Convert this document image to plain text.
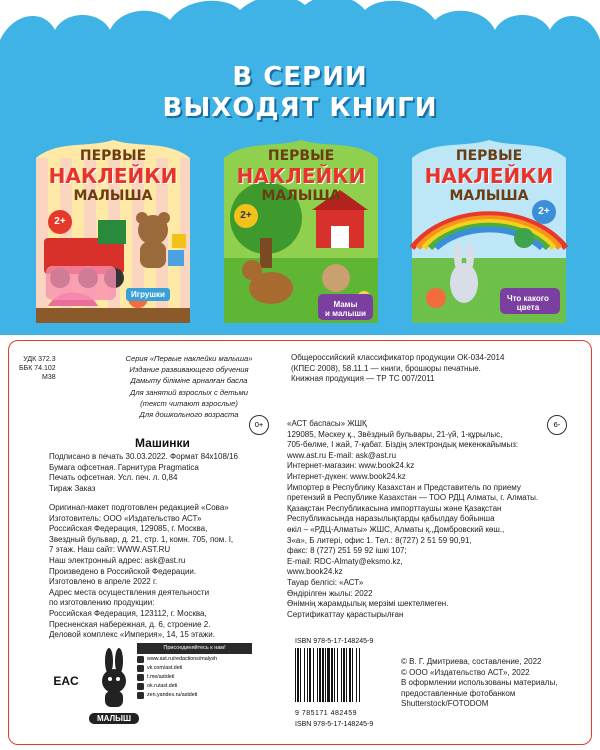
В СЕРИИ
ВЫХОДЯТ КНИГИ
ПЕРВЫЕ
НАКЛЕЙКИ
МАЛЫША
2+
Игрушки
ПЕРВЫЕ
НАКЛЕЙКИ
МАЛЫША
2+
Мамы
и малыши
ПЕРВЫЕ
НАКЛЕЙКИ
МАЛЫША
2+
Что какого
цвета
УДК 372.3
ББК 74.102
М38
Серия «Первые наклейки малыша»
Издание развивающего обучения
Дамыту біліміне арналған басла
Для занятий взрослых с детьми
(текст читают взрослые)
Для дошкольного возраста
Общероссийский классификатор продукции ОК-034-2014
(КПЕС 2008), 58.11.1 — книги, брошюры печатные.
Книжная продукция — ТР ТС 007/2011
0+	6-
Машинки
Подписано в печать 30.03.2022. Формат 84х108/16
Бумага офсетная. Гарнитура Pragmatica
Печать офсетная. Усл. печ. л. 0,84
Тираж Заказ
Оригинал-макет подготовлен редакцией «Сова»
Изготовитель: ООО «Издательство АСТ»
Российская Федерация, 129085, г. Москва,
Звездный бульвар, д. 21, стр. 1, комн. 705, пом. I,
7 этаж. Наш сайт: WWW.AST.RU
Наш электронный адрес: ask@ast.ru
Произведено в Российской Федерации.
Изготовлено в апреле 2022 г.
Адрес места осуществления деятельности
по изготовлению продукции:
Российская Федерация, 123112, г. Москва,
Пресненская набережная, д. 6, строение 2.
Деловой комплекс «Империя», 14, 15 этажи.
«АСТ баспасы» ЖШҚ
129085, Мәскеу қ., Звёздный бульвары, 21-үй, 1-құрылыс,
705-бөлме, I жай, 7-қабат. Біздің электрондық мекенжайымыз:
www.ast.ru E-mail: ask@ast.ru
Интернет-магазин: www.book24.kz
Интернет-дүкен: www.book24.kz
Импортер в Республику Казахстан и Представитель по приему
претензий в Республике Казахстан — ТОО РДЦ Алматы, г. Алматы.
Қазақстан Республикасына импорттаушы және Қазақстан
Республикасында наразылықтарды қабылдау бойынша
өкіл – «РДЦ-Алматы» ЖШС, Алматы қ.,Домбровский көш.,
3«а», Б литері, офис 1. Тел.: 8(727) 2 51 59 90,91,
факс: 8 (727) 251 59 92 ішкі 107;
E-mail: RDC-Almaty@eksmo.kz,
www.book24.kz
Тауар белгісі: «АСТ»
Өндірілген жылы: 2022
Өнімнің жарамдылық мерзімі шектелмеген.
Сертификаттау қарастырылған
EAC
МАЛЫШ
Присоединяйтесь к нам!
www.ast.ru/redactions/malysh
vk.com/ast.deti
t.me/astdeti
ok.ru/ast.deti
zen.yandex.ru/astdeti
ISBN 978-5-17-148245-9
9 785171 482459
ISBN 978-5-17-148245-9
© В. Г. Дмитриева, составление, 2022
© ООО «Издательство АСТ», 2022
В оформлении использованы материалы,
предоставленные фотобанком
Shutterstock/FOTODOM
